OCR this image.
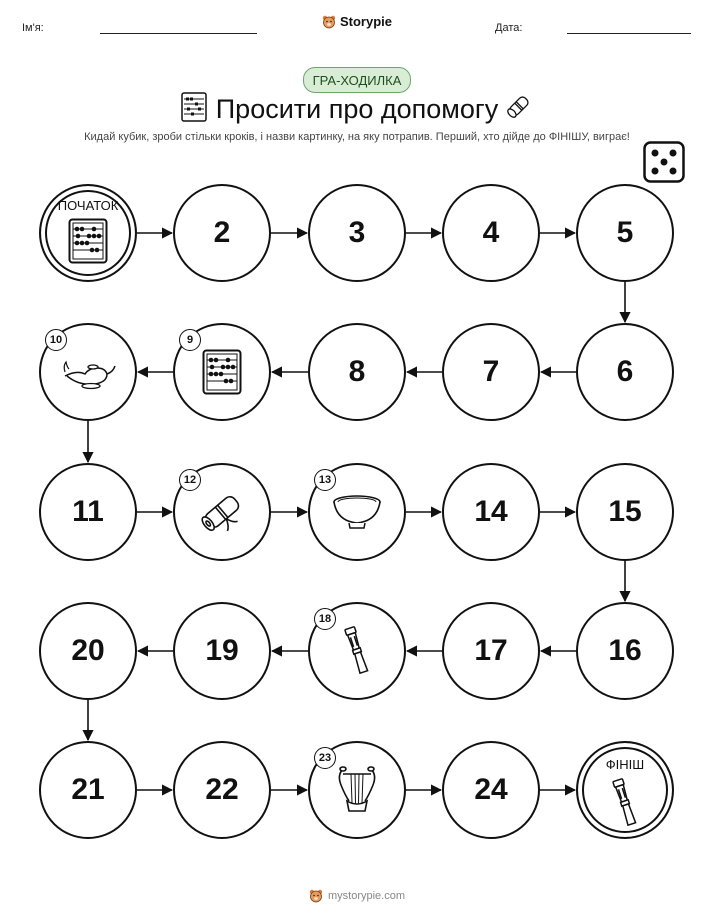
Ім'я:	Storypie	Дата:
ГРА-ХОДИЛКА
Просити про допомогу
Кидай кубик, зроби стільки кроків, і назви картинку, на яку потрапив. Перший, хто дійде до ФІНІШУ, виграє!
ПОЧАТОК
2	3	4	5
6
7
8
9
10
11
12	13
14	15
16
17
18
19
20
21	22
23
24
ФІНІШ
mystorypie.com
